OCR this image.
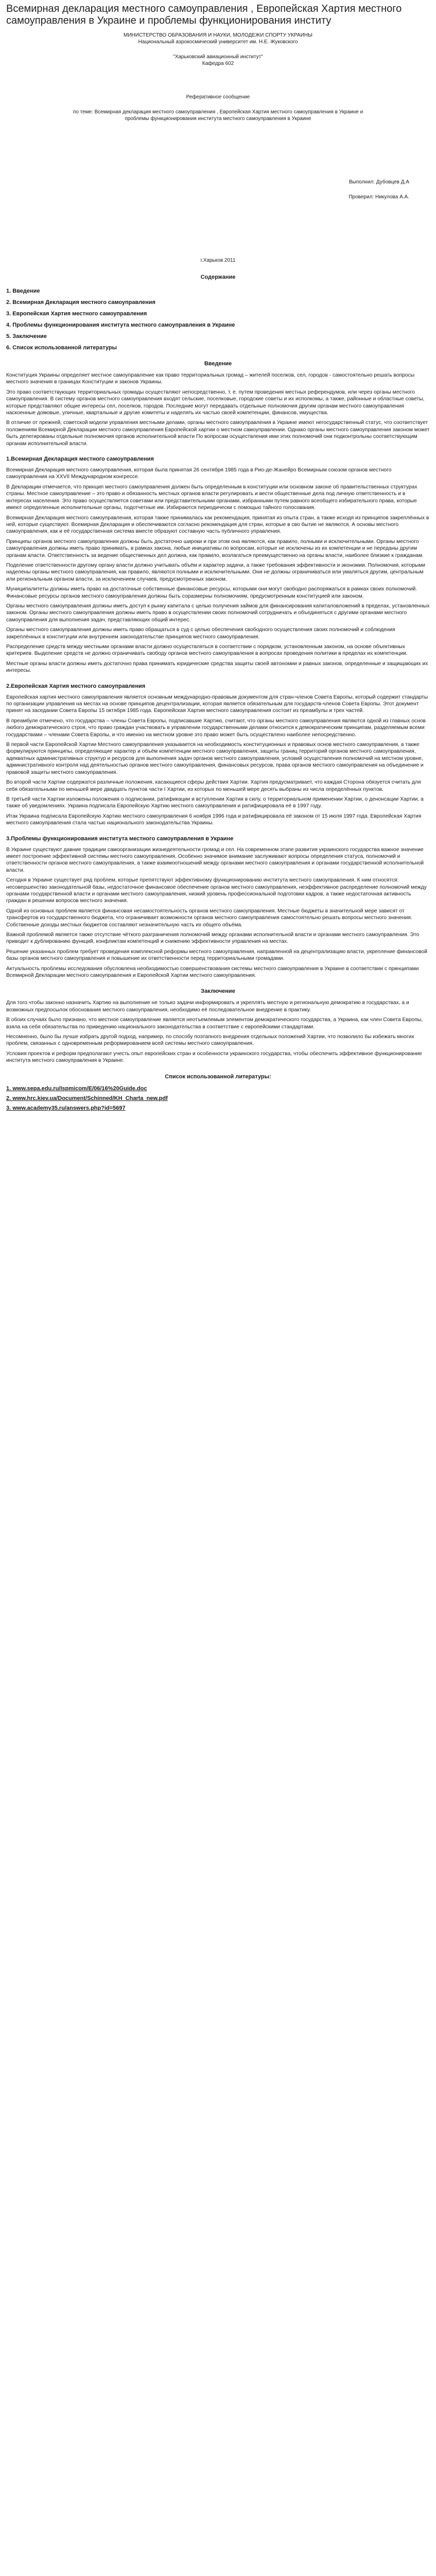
Всемирная декларация местного самоуправления , Европейская Хартия местного самоуправления в Украине и проблемы функционирования институ
МИНИСТЕРСТВО ОБРАЗОВАНИЯ И НАУКИ, МОЛОДЕЖИ СПОРТУ УКРАИНЫ
Национальный аэрокосмический университет им. Н.Е. Жуковского
"Харьковский авиационный институт"
Кафедра 602
Реферативное сообщение
по теме: Всемирная декларация местного самоуправления , Европейская Хартия местного самоуправления в Украине и проблемы функционирования института местного самоуправления в Украине
Выполнил: Дубовцев Д.А
Проверил: Никулова А.А.
г.Харьков 2011
Содержание
1. Введение
2. Всемирная Декларация местного самоуправления
3. Европейская Хартия местного самоуправления
4. Проблемы функционирования института местного самоуправления в Украине
5. Заключение
6. Список использованной литературы
Введение

Конституция Украины определяет местное самоуправление как право территориальных громад – жителей поселков, сел, городов - самостоятельно решать вопросы местного значения в границах Конституции и законов Украины.

Это право соответствующих территориальных громады осуществляют непосредственно, т. е. путем проведения местных референдумов, или через органы местного самоуправления. В систему органов местного самоуправления входят сельские, поселковые, городские советы и их исполкомы, а также, районные и областные советы, которые представляют общие интересы сел, поселков, городов. Последние могут передавать отдельные полномочия другим органам местного самоуправления наскоенные домовые, уличные, квартальные и другие комитеты и наделять их частью своей компетенции, финансов, имущества.

В отличие от прежней, советской модели управления местными делами, органы местного самоуправления в Украине имеют негосударственный статус, что соответствует положениям Всемирной Декларации местного самоуправления Европейской хартии о местном самоуправлении. Однако органы местного самоуправления законом может быть делегированы отдельные полномочия органов исполнительной власти По вопросам осуществления ими этих полномочий они подконтрольны соответствующим органам исполнительной власти.

1.Всемирная Декларация местного самоуправления

Всемирная Декларация местного самоуправления, которая была принятая 26 сентября 1985 года в Рио-де-Жанейро Всемирным союзом органов местного самоуправления на XXVII Международном конгрессе.

В Декларации отмечается, что принцип местного самоуправления должен быть определенным в конституции или основном законе об правительственных структурах страны. Местное самоуправление – это право и обязанность местных органов власти регулировать и вести общественные дела под личную ответственность и в интересах населения. Это право осуществляется советами или представительными органами, избранными путем равного всеобщего избирательного права, которые имеют определенные исполнительные органы, подотчетные им. Избираются периодически с помощью тайного голосования.

Всемирная Декларация местного самоуправления, которая также принималась как рекомендация, принятая из опыта стран, а также исходя из принципов закреплённых в ней, которые существуют. Всемирная Декларация и обеспечиваются согласно рекомендация для стран, которые в сво бытие не являются. А основы местного самоуправления, как и её государственная система вместе образуют составную часть публичного управления.

Принципы органов местного самоуправления должны быть достаточно широки и при этом она являются, как правило, полными и исключительными. Органы местного самоуправления должны иметь право принимать, в рамках закона, любые инициативы по вопросам, которые не исключены из их компетенции и не переданы другим органам власти. Ответственность за ведение общественных дел должна, как правило, возлагаться преимущественно на органы власти, наиболее близкие к гражданам.

Поделение ответственности другому органу власти должно учитывать объём и характер задачи, а также требования эффективности и экономии. Полномочия, которыми наделены органы местного самоуправления, как правило, являются полными и исключительными. Они не должны ограничиваться или умаляться другим, центральным или региональным органом власти, за исключением случаев, предусмотренных законом.

Муниципалитеты должны иметь право на достаточные собственные финансовые ресурсы, которыми они могут свободно распоряжаться в рамках своих полномочий. Финансовые ресурсы органов местного самоуправления должны быть соразмерны полномочиям, предусмотренным конституцией или законом.

Органы местного самоуправления должны иметь доступ к рынку капитала с целью получения займов для финансирования капиталовложений в пределах, установленных законом. Органы местного самоуправления должны иметь право в осуществлении своих полномочий сотрудничать и объединяться с другими органами местного самоуправления для выполнения задач, представляющих общий интерес.

Органы местного самоуправления должны иметь право обращаться в суд с целью обеспечения свободного осуществления своих полномочий и соблюдения закреплённых в конституции или внутреннем законодательстве принципов местного самоуправления.

Распределение средств между местными органами власти должно осуществляться в соответствии с порядком, установленным законом, на основе объективных критериев. Выделение средств не должно ограничивать свободу органов местного самоуправления в вопросах проведения политики в пределах их компетенции.

Местные органы власти должны иметь достаточно права принимать юридические средства защиты своей автономии и равных законов, определенные и защищающих их интересы.

2.Европейская Хартия местного самоуправления

Европейская хартия местного самоуправления является основным международно-правовым документом для стран-членов Совета Европы, который содержит стандарты по организации управления на местах на основе принципов децентрализации, которая является обязательным для государств-членов Совета Европы. Этот документ принят на заседании Совета Европы 15 октября 1985 года. Европейская Хартия местного самоуправления состоит из преамбулы и трех частей.

В преамбуле отмечено, что государства – члены Совета Европы, подписавшие Хартию, считают, что органы местного самоуправления являются одной из главных основ любого демократического строя, что право граждан участвовать в управлении государственными делами относится к демократическим принципам, разделяемым всеми государствами – членами Совета Европы, и что именно на местном уровне это право может быть осуществлено наиболее непосредственно.

В первой части Европейской Хартии Местного самоуправления указывается на необходимость конституционных и правовых основ местного самоуправления, а также формулируются принципы, определяющие характер и объём компетенции местного самоуправления, защиты границ территорий органов местного самоуправления, адекватных административных структур и ресурсов для выполнения задач органов местного самоуправления, условий осуществления полномочий на местном уровне, административного контроля над деятельностью органов местного самоуправления, финансовых ресурсов, права органов местного самоуправления на объединение и правовой защиты местного самоуправления.

Во второй части Хартии содержатся различные положения, касающиеся сферы действия Хартии. Хартия предусматривает, что каждая Сторона обязуется считать для себя обязательными по меньшей мере двадцать пунктов части I Хартии, из которых по меньшей мере десять выбраны из числа определённых пунктов.

В третьей части Хартии изложены положения о подписании, ратификации и вступлении Хартии в силу, о территориальном применении Хартии, о денонсации Хартии, а также об уведомлениях. Украина подписала Европейскую Хартию местного самоуправления и ратифицировала её в 1997 году.

Итак Украина подписала Европейскую Хартию местного самоуправления 6 ноября 1996 года и ратифицировала её законом от 15 июля 1997 года. Европейская Хартия местного самоуправления стала частью национального законодательства Украины.

3.Проблемы функционирования института местного самоуправления в Украине

В Украине существуют давние традиции самоорганизации жизнедеятельности громад и сел. На современном этапе развития украинского государства важное значение имеет построение эффективной системы местного самоуправления. Особенно значимое внимание заслуживают вопросы определения статуса, полномочий и ответственности органов местного самоуправления, а также взаимоотношений между органами местного самоуправления и органами государственной исполнительной власти.

Сегодня в Украине существует ряд проблем, которые препятствуют эффективному функционированию института местного самоуправления. К ним относятся: несовершенство законодательной базы, недостаточное финансовое обеспечение органов местного самоуправления, неэффективное распределение полномочий между органами государственной власти и органами местного самоуправления, низкий уровень профессиональной подготовки кадров, а также недостаточная активность граждан в решении вопросов местного значения.

Одной из основных проблем является финансовая несамостоятельность органов местного самоуправления. Местные бюджеты в значительной мере зависят от трансфертов из государственного бюджета, что ограничивает возможности органов местного самоуправления самостоятельно решать вопросы местного значения. Собственные доходы местных бюджетов составляют незначительную часть их общего объёма.

Важной проблемой является также отсутствие чёткого разграничения полномочий между органами исполнительной власти и органами местного самоуправления. Это приводит к дублированию функций, конфликтам компетенций и снижению эффективности управления на местах.

Решение указанных проблем требует проведения комплексной реформы местного самоуправления, направленной на децентрализацию власти, укрепление финансовой базы органов местного самоуправления и повышение их ответственности перед территориальными громадами.

Актуальность проблемы исследования обусловлена необходимостью совершенствования системы местного самоуправления в Украине в соответствии с принципами Всемирной Декларации местного самоуправления и Европейской Хартии местного самоуправления.

Заключение

Для того чтобы законно назначить Хартию на выполнение не только задачи информировать и укреплять местную и региональную демократию в государствах, а и возможных предпосылок обоснования местного самоуправления, необходимо её последовательное внедрение в практику.

В обоих случаях было признано, что местное самоуправление является неотъемлемым элементом демократического государства, а Украина, как член Совета Европы, взяла на себя обязательства по приведению национального законодательства в соответствие с европейскими стандартами.

Несомненно, было бы лучше избрать другой подход, например, по способу поэтапного внедрения отдельных положений Хартии, что позволило бы избежать многих проблем, связанных с одновременным реформированием всей системы местного самоуправления.

Условия проектов и реформ предполагают учесть опыт европейских стран и особенности украинского государства, чтобы обеспечить эффективное функционирование института местного самоуправления в Украине.

Список использованной литературы:
1. www.sepa.edu.ru/Ispmicom/E/06/16%20Guide.doc
2. www.hrc.kiev.ua/Document/Schinned/KH_Charta_new.pdf
3. www.academy35.ru/answers.php?id=5697
